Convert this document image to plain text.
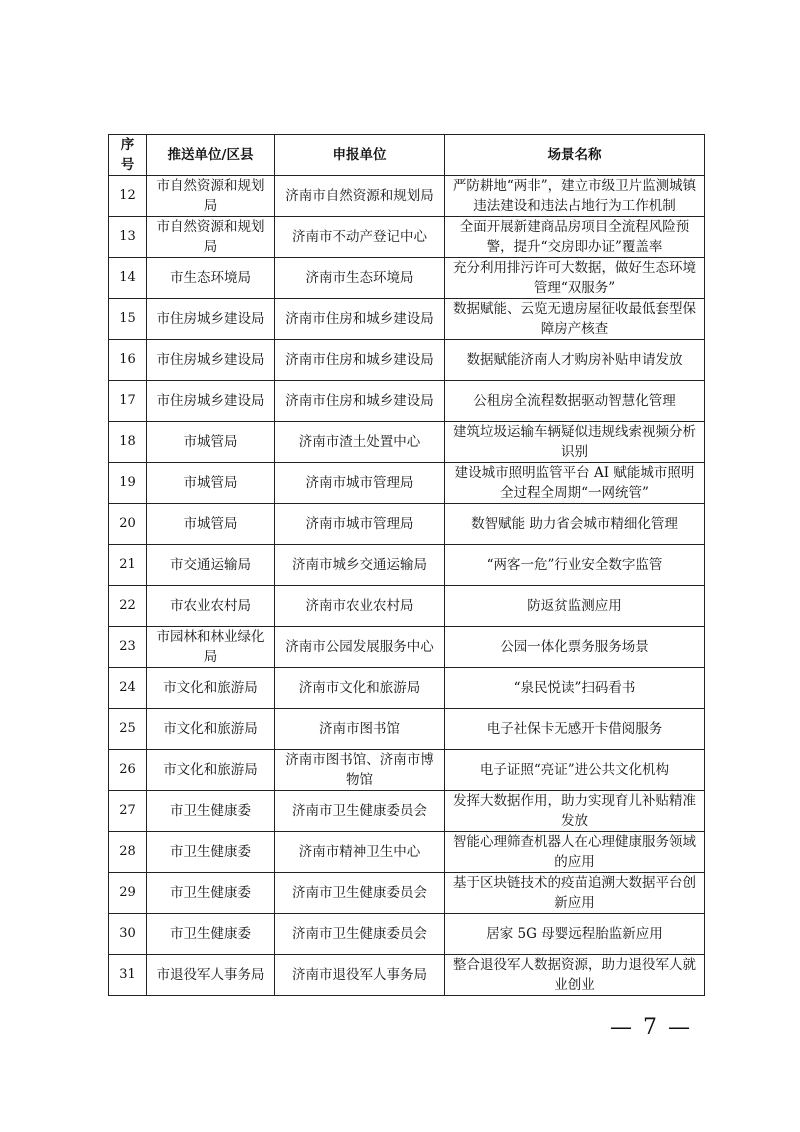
序号	推送单位/区县	申报单位	场景名称
12	市自然资源和规划局	济南市自然资源和规划局	严防耕地“两非”，建立市级卫片监测城镇违法建设和违法占地行为工作机制
13	市自然资源和规划局	济南市不动产登记中心	全面开展新建商品房项目全流程风险预警，提升“交房即办证”覆盖率
14	市生态环境局	济南市生态环境局	充分利用排污许可大数据，做好生态环境管理“双服务”
15	市住房城乡建设局	济南市住房和城乡建设局	数据赋能、云览无遗房屋征收最低套型保障房产核查
16	市住房城乡建设局	济南市住房和城乡建设局	数据赋能济南人才购房补贴申请发放
17	市住房城乡建设局	济南市住房和城乡建设局	公租房全流程数据驱动智慧化管理
18	市城管局	济南市渣土处置中心	建筑垃圾运输车辆疑似违规线索视频分析识别
19	市城管局	济南市城市管理局	建设城市照明监管平台 AI 赋能城市照明全过程全周期“一网统管”
20	市城管局	济南市城市管理局	数智赋能 助力省会城市精细化管理
21	市交通运输局	济南市城乡交通运输局	“两客一危”行业安全数字监管
22	市农业农村局	济南市农业农村局	防返贫监测应用
23	市园林和林业绿化局	济南市公园发展服务中心	公园一体化票务服务场景
24	市文化和旅游局	济南市文化和旅游局	“泉民悦读”扫码看书
25	市文化和旅游局	济南市图书馆	电子社保卡无感开卡借阅服务
26	市文化和旅游局	济南市图书馆、济南市博物馆	电子证照“亮证”进公共文化机构
27	市卫生健康委	济南市卫生健康委员会	发挥大数据作用，助力实现育儿补贴精准发放
28	市卫生健康委	济南市精神卫生中心	智能心理筛查机器人在心理健康服务领域的应用
29	市卫生健康委	济南市卫生健康委员会	基于区块链技术的疫苗追溯大数据平台创新应用
30	市卫生健康委	济南市卫生健康委员会	居家 5G 母婴远程胎监新应用
31	市退役军人事务局	济南市退役军人事务局	整合退役军人数据资源，助力退役军人就业创业
— 7 —
